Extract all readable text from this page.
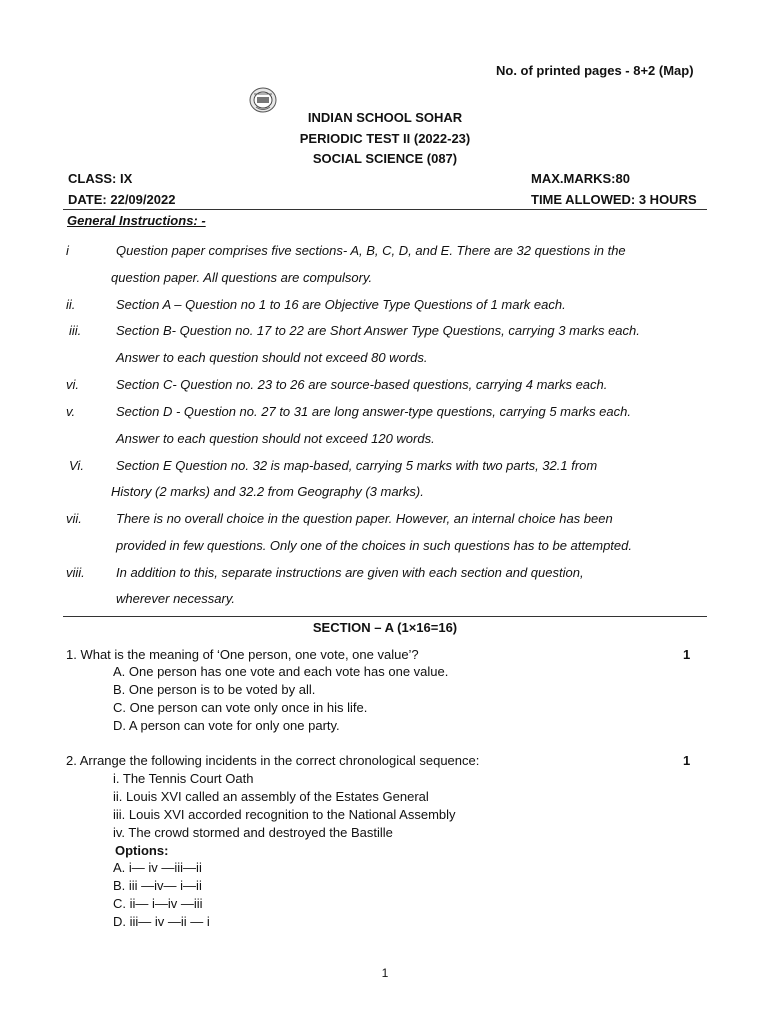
No. of printed pages - 8+2 (Map)
INDIAN SCHOOL SOHAR
PERIODIC TEST II (2022-23)
SOCIAL SCIENCE (087)
CLASS: IX	MAX.MARKS:80
DATE: 22/09/2022	TIME ALLOWED: 3 HOURS
General Instructions: -
i	Question paper comprises five sections- A, B, C, D, and E. There are 32 questions in the
question paper. All questions are compulsory.
ii.	Section A – Question no 1 to 16 are Objective Type Questions of 1 mark each.
iii.	Section B- Question no. 17 to 22 are Short Answer Type Questions, carrying 3 marks each.
Answer to each question should not exceed 80 words.
vi.	Section C- Question no. 23 to 26 are source-based questions, carrying 4 marks each.
v.	Section D - Question no. 27 to 31 are long answer-type questions, carrying 5 marks each.
Answer to each question should not exceed 120 words.
Vi. Section E Question no. 32 is map-based, carrying 5 marks with two parts, 32.1 from
History (2 marks) and 32.2 from Geography (3 marks).
vii.	There is no overall choice in the question paper. However, an internal choice has been
provided in few questions. Only one of the choices in such questions has to be attempted.
viii. In addition to this, separate instructions are given with each section and question,
wherever necessary.
SECTION – A (1×16=16)
1. What is the meaning of ‘One person, one vote, one value’?	1
A. One person has one vote and each vote has one value.
B. One person is to be voted by all.
C. One person can vote only once in his life.
D. A person can vote for only one party.
2. Arrange the following incidents in the correct chronological sequence:	1
i. The Tennis Court Oath
ii. Louis XVI called an assembly of the Estates General
iii. Louis XVI accorded recognition to the National Assembly
iv. The crowd stormed and destroyed the Bastille
Options:
A. i— iv —iii—ii
B. iii —iv— i—ii
C. ii— i—iv —iii
D. iii— iv —ii — i
1
